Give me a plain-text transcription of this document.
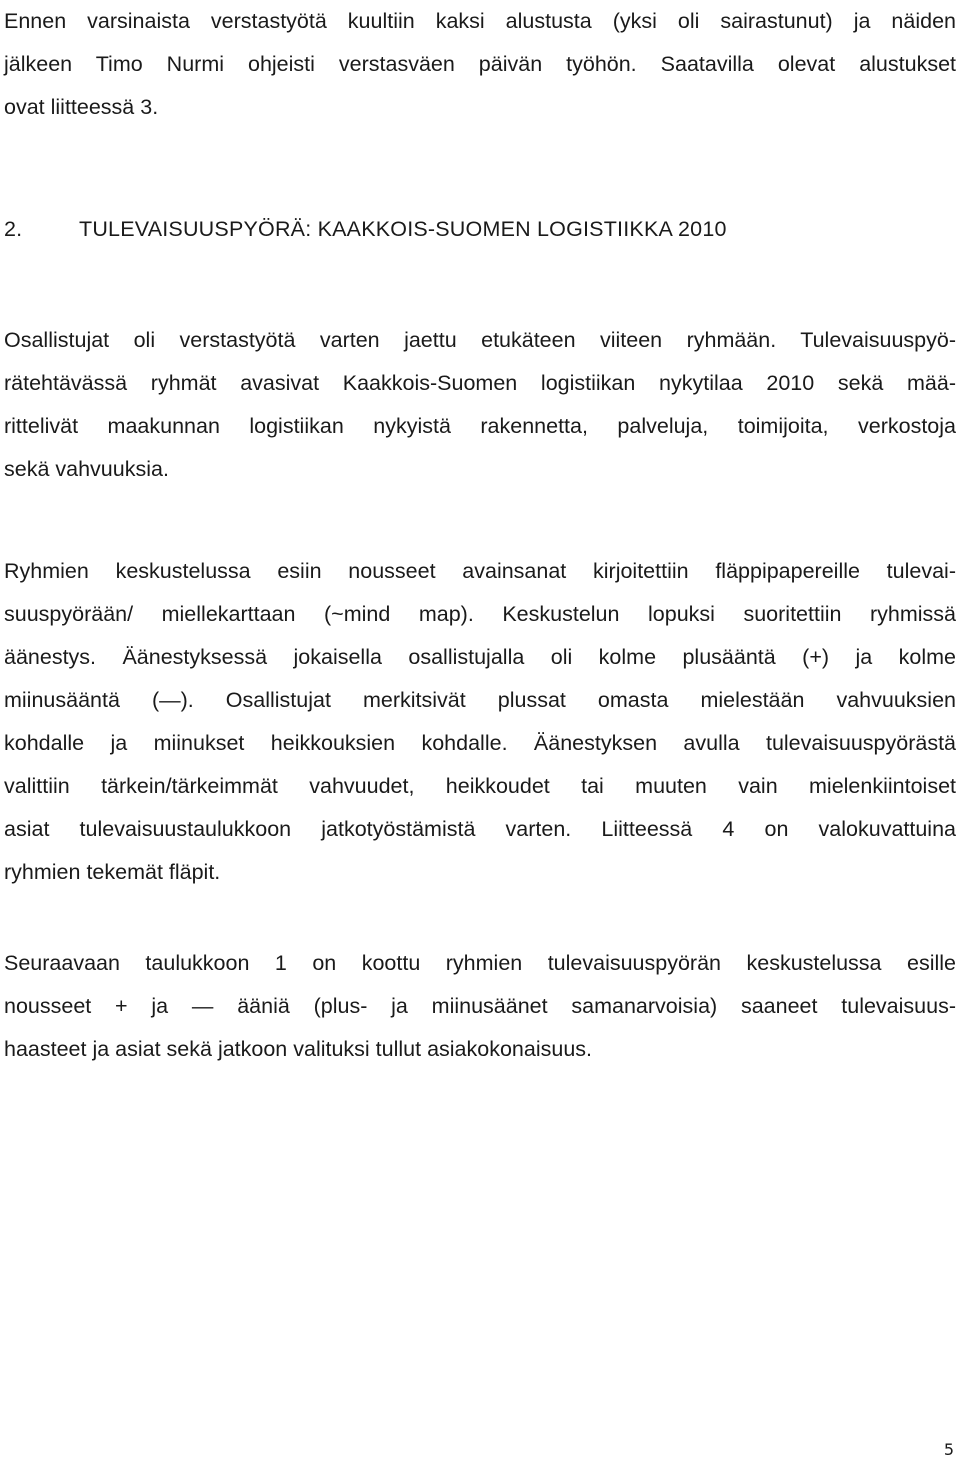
Ennen varsinaista verstastyötä kuultiin kaksi alustusta (yksi oli sairastunut) ja näiden
jälkeen Timo Nurmi ohjeisti verstasväen päivän työhön. Saatavilla olevat alustukset
ovat liitteessä 3.

2.	TULEVAISUUSPYÖRÄ: KAAKKOIS-SUOMEN LOGISTIIKKA 2010

Osallistujat oli verstastyötä varten jaettu etukäteen viiteen ryhmään. Tulevaisuuspyö-
rätehtävässä ryhmät avasivat Kaakkois-Suomen logistiikan nykytilaa 2010 sekä mää-
rittelivät maakunnan logistiikan nykyistä rakennetta, palveluja, toimijoita, verkostoja
sekä vahvuuksia.

Ryhmien keskustelussa esiin nousseet avainsanat kirjoitettiin fläppipapereille tulevai-
suuspyörään/ miellekarttaan (~mind map). Keskustelun lopuksi suoritettiin ryhmissä
äänestys. Äänestyksessä jokaisella osallistujalla oli kolme plusääntä (+) ja kolme
miinusääntä (―). Osallistujat merkitsivät plussat omasta mielestään vahvuuksien
kohdalle ja miinukset heikkouksien kohdalle. Äänestyksen avulla tulevaisuuspyörästä
valittiin tärkein/tärkeimmät vahvuudet, heikkoudet tai muuten vain mielenkiintoiset
asiat tulevaisuustaulukkoon jatkotyöstämistä varten. Liitteessä 4 on valokuvattuina
ryhmien tekemät fläpit.

Seuraavaan taulukkoon 1 on koottu ryhmien tulevaisuuspyörän keskustelussa esille
nousseet + ja ― ääniä (plus- ja miinusäänet samanarvoisia) saaneet tulevaisuus-
haasteet ja asiat sekä jatkoon valituksi tullut asiakokonaisuus.

5
